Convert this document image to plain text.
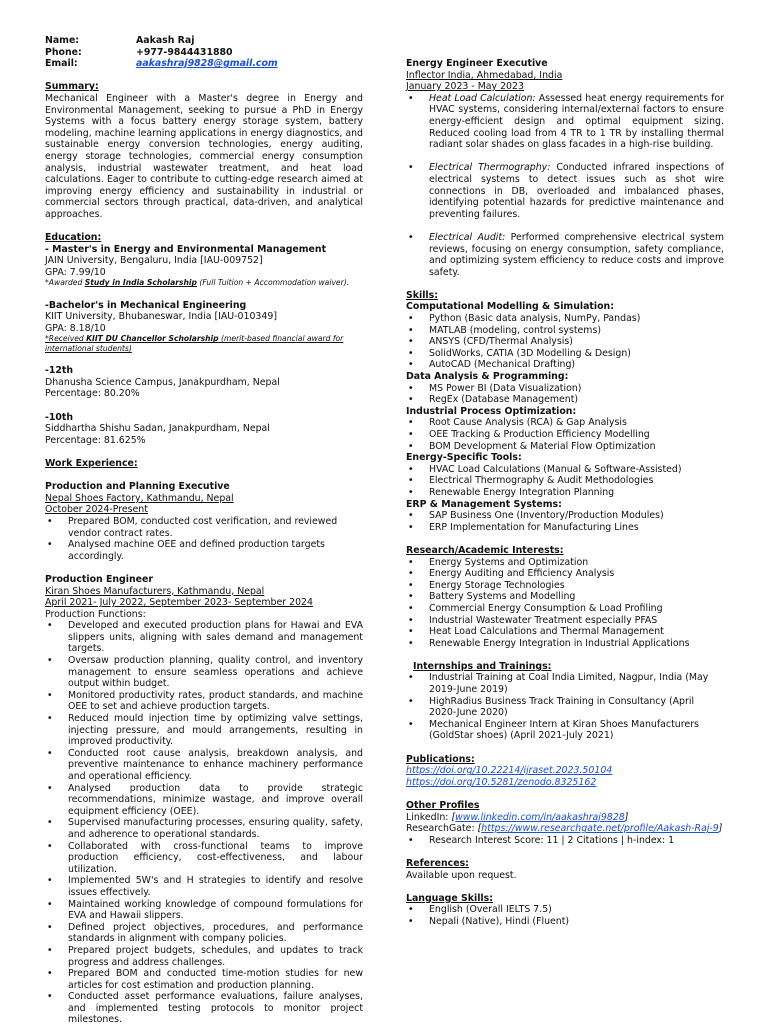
Name:	Aakash Raj
Phone:	+977-9844431880
Email:	aakashraj9828@gmail.com
Summary:
Mechanical Engineer with a Master's degree in Energy and Environmental Management, seeking to pursue a PhD in Energy Systems with a focus battery energy storage system, battery modeling, machine learning applications in energy diagnostics, and sustainable energy conversion technologies, energy auditing, energy storage technologies, commercial energy consumption analysis, industrial wastewater treatment, and heat load calculations. Eager to contribute to cutting-edge research aimed at improving energy efficiency and sustainability in industrial or commercial sectors through practical, data-driven, and analytical approaches.
Education:
- Master's in Energy and Environmental Management
JAIN University, Bengaluru, India [IAU-009752]
GPA: 7.99/10
*Awarded Study in India Scholarship (Full Tuition + Accommodation waiver).
-Bachelor's in Mechanical Engineering
KIIT University, Bhubaneswar, India [IAU-010349]
GPA: 8.18/10
*Received KIIT DU Chancellor Scholarship (merit-based financial award for international students)
-12th
Dhanusha Science Campus, Janakpurdham, Nepal
Percentage: 80.20%
-10th
Siddhartha Shishu Sadan, Janakpurdham, Nepal
Percentage: 81.625%
Work Experience:
Production and Planning Executive
Nepal Shoes Factory, Kathmandu, Nepal
October 2024-Present
• Prepared BOM, conducted cost verification, and reviewed vendor contract rates.
• Analysed machine OEE and defined production targets accordingly.
Production Engineer
Kiran Shoes Manufacturers, Kathmandu, Nepal
April 2021- July 2022, September 2023- September 2024
Production Functions:
• Developed and executed production plans for Hawai and EVA slippers units, aligning with sales demand and management targets.
• Oversaw production planning, quality control, and inventory management to ensure seamless operations and achieve output within budget.
• Monitored productivity rates, product standards, and machine OEE to set and achieve production targets.
• Reduced mould injection time by optimizing valve settings, injecting pressure, and mould arrangements, resulting in improved productivity.
• Conducted root cause analysis, breakdown analysis, and preventive maintenance to enhance machinery performance and operational efficiency.
• Analysed production data to provide strategic recommendations, minimize wastage, and improve overall equipment efficiency (OEE).
• Supervised manufacturing processes, ensuring quality, safety, and adherence to operational standards.
• Collaborated with cross-functional teams to improve production efficiency, cost-effectiveness, and labour utilization.
• Implemented 5W's and H strategies to identify and resolve issues effectively.
• Maintained working knowledge of compound formulations for EVA and Hawaii slippers.
• Defined project objectives, procedures, and performance standards in alignment with company policies.
• Prepared project budgets, schedules, and updates to track progress and address challenges.
• Prepared BOM and conducted time-motion studies for new articles for cost estimation and production planning.
• Conducted asset performance evaluations, failure analyses, and implemented testing protocols to monitor project milestones.
Energy Engineer Executive
Inflector India, Ahmedabad, India
January 2023 - May 2023
• Heat Load Calculation: Assessed heat energy requirements for HVAC systems, considering internal/external factors to ensure energy-efficient design and optimal equipment sizing. Reduced cooling load from 4 TR to 1 TR by installing thermal radiant solar shades on glass facades in a high-rise building.
• Electrical Thermography: Conducted infrared inspections of electrical systems to detect issues such as shot wire connections in DB, overloaded and imbalanced phases, identifying potential hazards for predictive maintenance and preventing failures.
• Electrical Audit: Performed comprehensive electrical system reviews, focusing on energy consumption, safety compliance, and optimizing system efficiency to reduce costs and improve safety.
Skills:
Computational Modelling & Simulation:
• Python (Basic data analysis, NumPy, Pandas)
• MATLAB (modeling, control systems)
• ANSYS (CFD/Thermal Analysis)
• SolidWorks, CATIA (3D Modelling & Design)
• AutoCAD (Mechanical Drafting)
Data Analysis & Programming:
• MS Power BI (Data Visualization)
• RegEx (Database Management)
Industrial Process Optimization:
• Root Cause Analysis (RCA) & Gap Analysis
• OEE Tracking & Production Efficiency Modelling
• BOM Development & Material Flow Optimization
Energy-Specific Tools:
• HVAC Load Calculations (Manual & Software-Assisted)
• Electrical Thermography & Audit Methodologies
• Renewable Energy Integration Planning
ERP & Management Systems:
• SAP Business One (Inventory/Production Modules)
• ERP Implementation for Manufacturing Lines
Research/Academic Interests:
• Energy Systems and Optimization
• Energy Auditing and Efficiency Analysis
• Energy Storage Technologies
• Battery Systems and Modelling
• Commercial Energy Consumption & Load Profiling
• Industrial Wastewater Treatment especially PFAS
• Heat Load Calculations and Thermal Management
• Renewable Energy Integration in Industrial Applications
Internships and Trainings:
• Industrial Training at Coal India Limited, Nagpur, India (May 2019-June 2019)
• HighRadius Business Track Training in Consultancy (April 2020-June 2020)
• Mechanical Engineer Intern at Kiran Shoes Manufacturers (GoldStar shoes) (April 2021-July 2021)
Publications:
https://doi.org/10.22214/ijraset.2023.50104
https://doi.org/10.5281/zenodo.8325162
Other Profiles
LinkedIn: [www.linkedin.com/in/aakashraj9828]
ResearchGate: [https://www.researchgate.net/profile/Aakash-Raj-9]
• Research Interest Score: 11 | 2 Citations | h-index: 1
References:
Available upon request.
Language Skills:
• English (Overall IELTS 7.5)
• Nepali (Native), Hindi (Fluent)
